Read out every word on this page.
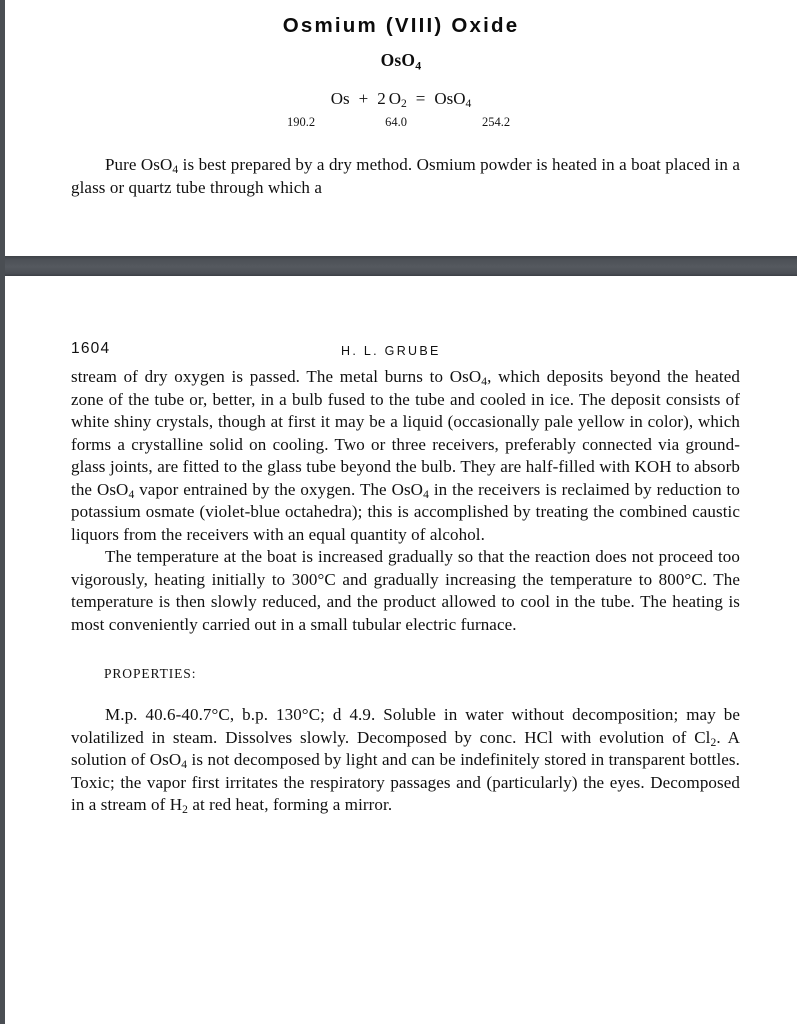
Osmium (VIII) Oxide
OsO$_4$
Os + 2 $O_2 = OsO_4$
190.2	64.0	254.2

Pure OsO$_4$ is best prepared by a dry method. Osmium powder is heated in a boat placed in a glass or quartz tube through which a

1604	H. L. GRUBE

stream of dry oxygen is passed. The metal burns to OsO$_4$, which deposits beyond the heated zone of the tube or, better, in a bulb fused to the tube and cooled in ice. The deposit consists of white shiny crystals, though at first it may be a liquid (occasionally pale yellow in color), which forms a crystalline solid on cooling. Two or three receivers, preferably connected via ground-glass joints, are fitted to the glass tube beyond the bulb. They are half-filled with KOH to absorb the OsO$_4$ vapor entrained by the oxygen. The OsO$_4$ in the receivers is reclaimed by reduction to potassium osmate (violet-blue octahedra); this is accomplished by treating the combined caustic liquors from the receivers with an equal quantity of alcohol.

The temperature at the boat is increased gradually so that the reaction does not proceed too vigorously, heating initially to 300°C and gradually increasing the temperature to 800°C. The temperature is then slowly reduced, and the product allowed to cool in the tube. The heating is most conveniently carried out in a small tubular electric furnace.

PROPERTIES:

M.p. 40.6-40.7°C, b.p. 130°C; d 4.9. Soluble in water without decomposition; may be volatilized in steam. Dissolves slowly. Decomposed by conc. HCl with evolution of $Cl_2$. A solution of OsO$_4$ is not decomposed by light and can be indefinitely stored in transparent bottles. Toxic; the vapor first irritates the respiratory passages and (particularly) the eyes. Decomposed in a stream of $H_2$ at red heat, forming a mirror.
